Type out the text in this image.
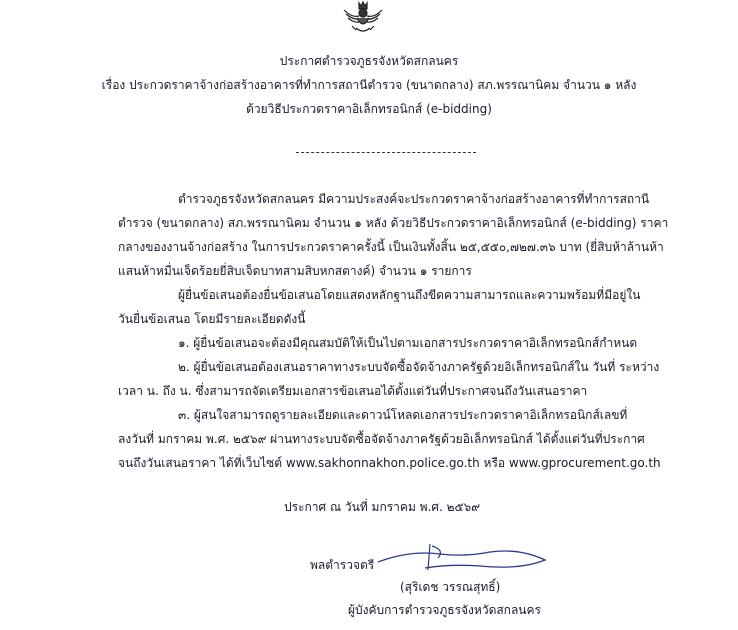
ประกาศตำรวจภูธรจังหวัดสกลนคร
เรื่อง ประกวดราคาจ้างก่อสร้างอาคารที่ทำการสถานีตำรวจ (ขนาดกลาง) สภ.พรรณานิคม จำนวน ๑ หลัง
ด้วยวิธีประกวดราคาอิเล็กทรอนิกส์ (e-bidding)
ตำรวจภูธรจังหวัดสกลนคร มีความประสงค์จะประกวดราคาจ้างก่อสร้างอาคารที่ทำการสถานี
ตำรวจ (ขนาดกลาง) สภ.พรรณานิคม จำนวน ๑ หลัง ด้วยวิธีประกวดราคาอิเล็กทรอนิกส์ (e-bidding) ราคา
กลางของงานจ้างก่อสร้าง ในการประกวดราคาครั้งนี้ เป็นเงินทั้งสิ้น ๒๕,๕๕๐,๗๒๗.๓๖ บาท (ยี่สิบห้าล้านห้า
แสนห้าหมื่นเจ็ดร้อยยี่สิบเจ็ดบาทสามสิบหกสตางค์) จำนวน ๑ รายการ
ผู้ยื่นข้อเสนอต้องยื่นข้อเสนอโดยแสดงหลักฐานถึงขีดความสามารถและความพร้อมที่มีอยู่ใน
วันยื่นข้อเสนอ โดยมีรายละเอียดดังนี้
๑. ผู้ยื่นข้อเสนอจะต้องมีคุณสมบัติให้เป็นไปตามเอกสารประกวดราคาอิเล็กทรอนิกส์กำหนด
๒. ผู้ยื่นข้อเสนอต้องเสนอราคาทางระบบจัดซื้อจัดจ้างภาครัฐด้วยอิเล็กทรอนิกส์ใน วันที่ ระหว่าง
เวลา น. ถึง น. ซึ่งสามารถจัดเตรียมเอกสารข้อเสนอได้ตั้งแต่วันที่ประกาศจนถึงวันเสนอราคา
๓. ผู้สนใจสามารถดูรายละเอียดและดาวน์โหลดเอกสารประกวดราคาอิเล็กทรอนิกส์เลขที่
ลงวันที่ มกราคม พ.ศ. ๒๕๖๙ ผ่านทางระบบจัดซื้อจัดจ้างภาครัฐด้วยอิเล็กทรอนิกส์ ได้ตั้งแต่วันที่ประกาศ
จนถึงวันเสนอราคา ได้ที่เว็บไซต์ www.sakhonnakhon.police.go.th หรือ www.gprocurement.go.th
ประกาศ ณ วันที่ มกราคม พ.ศ. ๒๕๖๙
พลตำรวจตรี
(สุริเดช วรรณสุทธิ์)
ผู้บังคับการตำรวจภูธรจังหวัดสกลนคร
